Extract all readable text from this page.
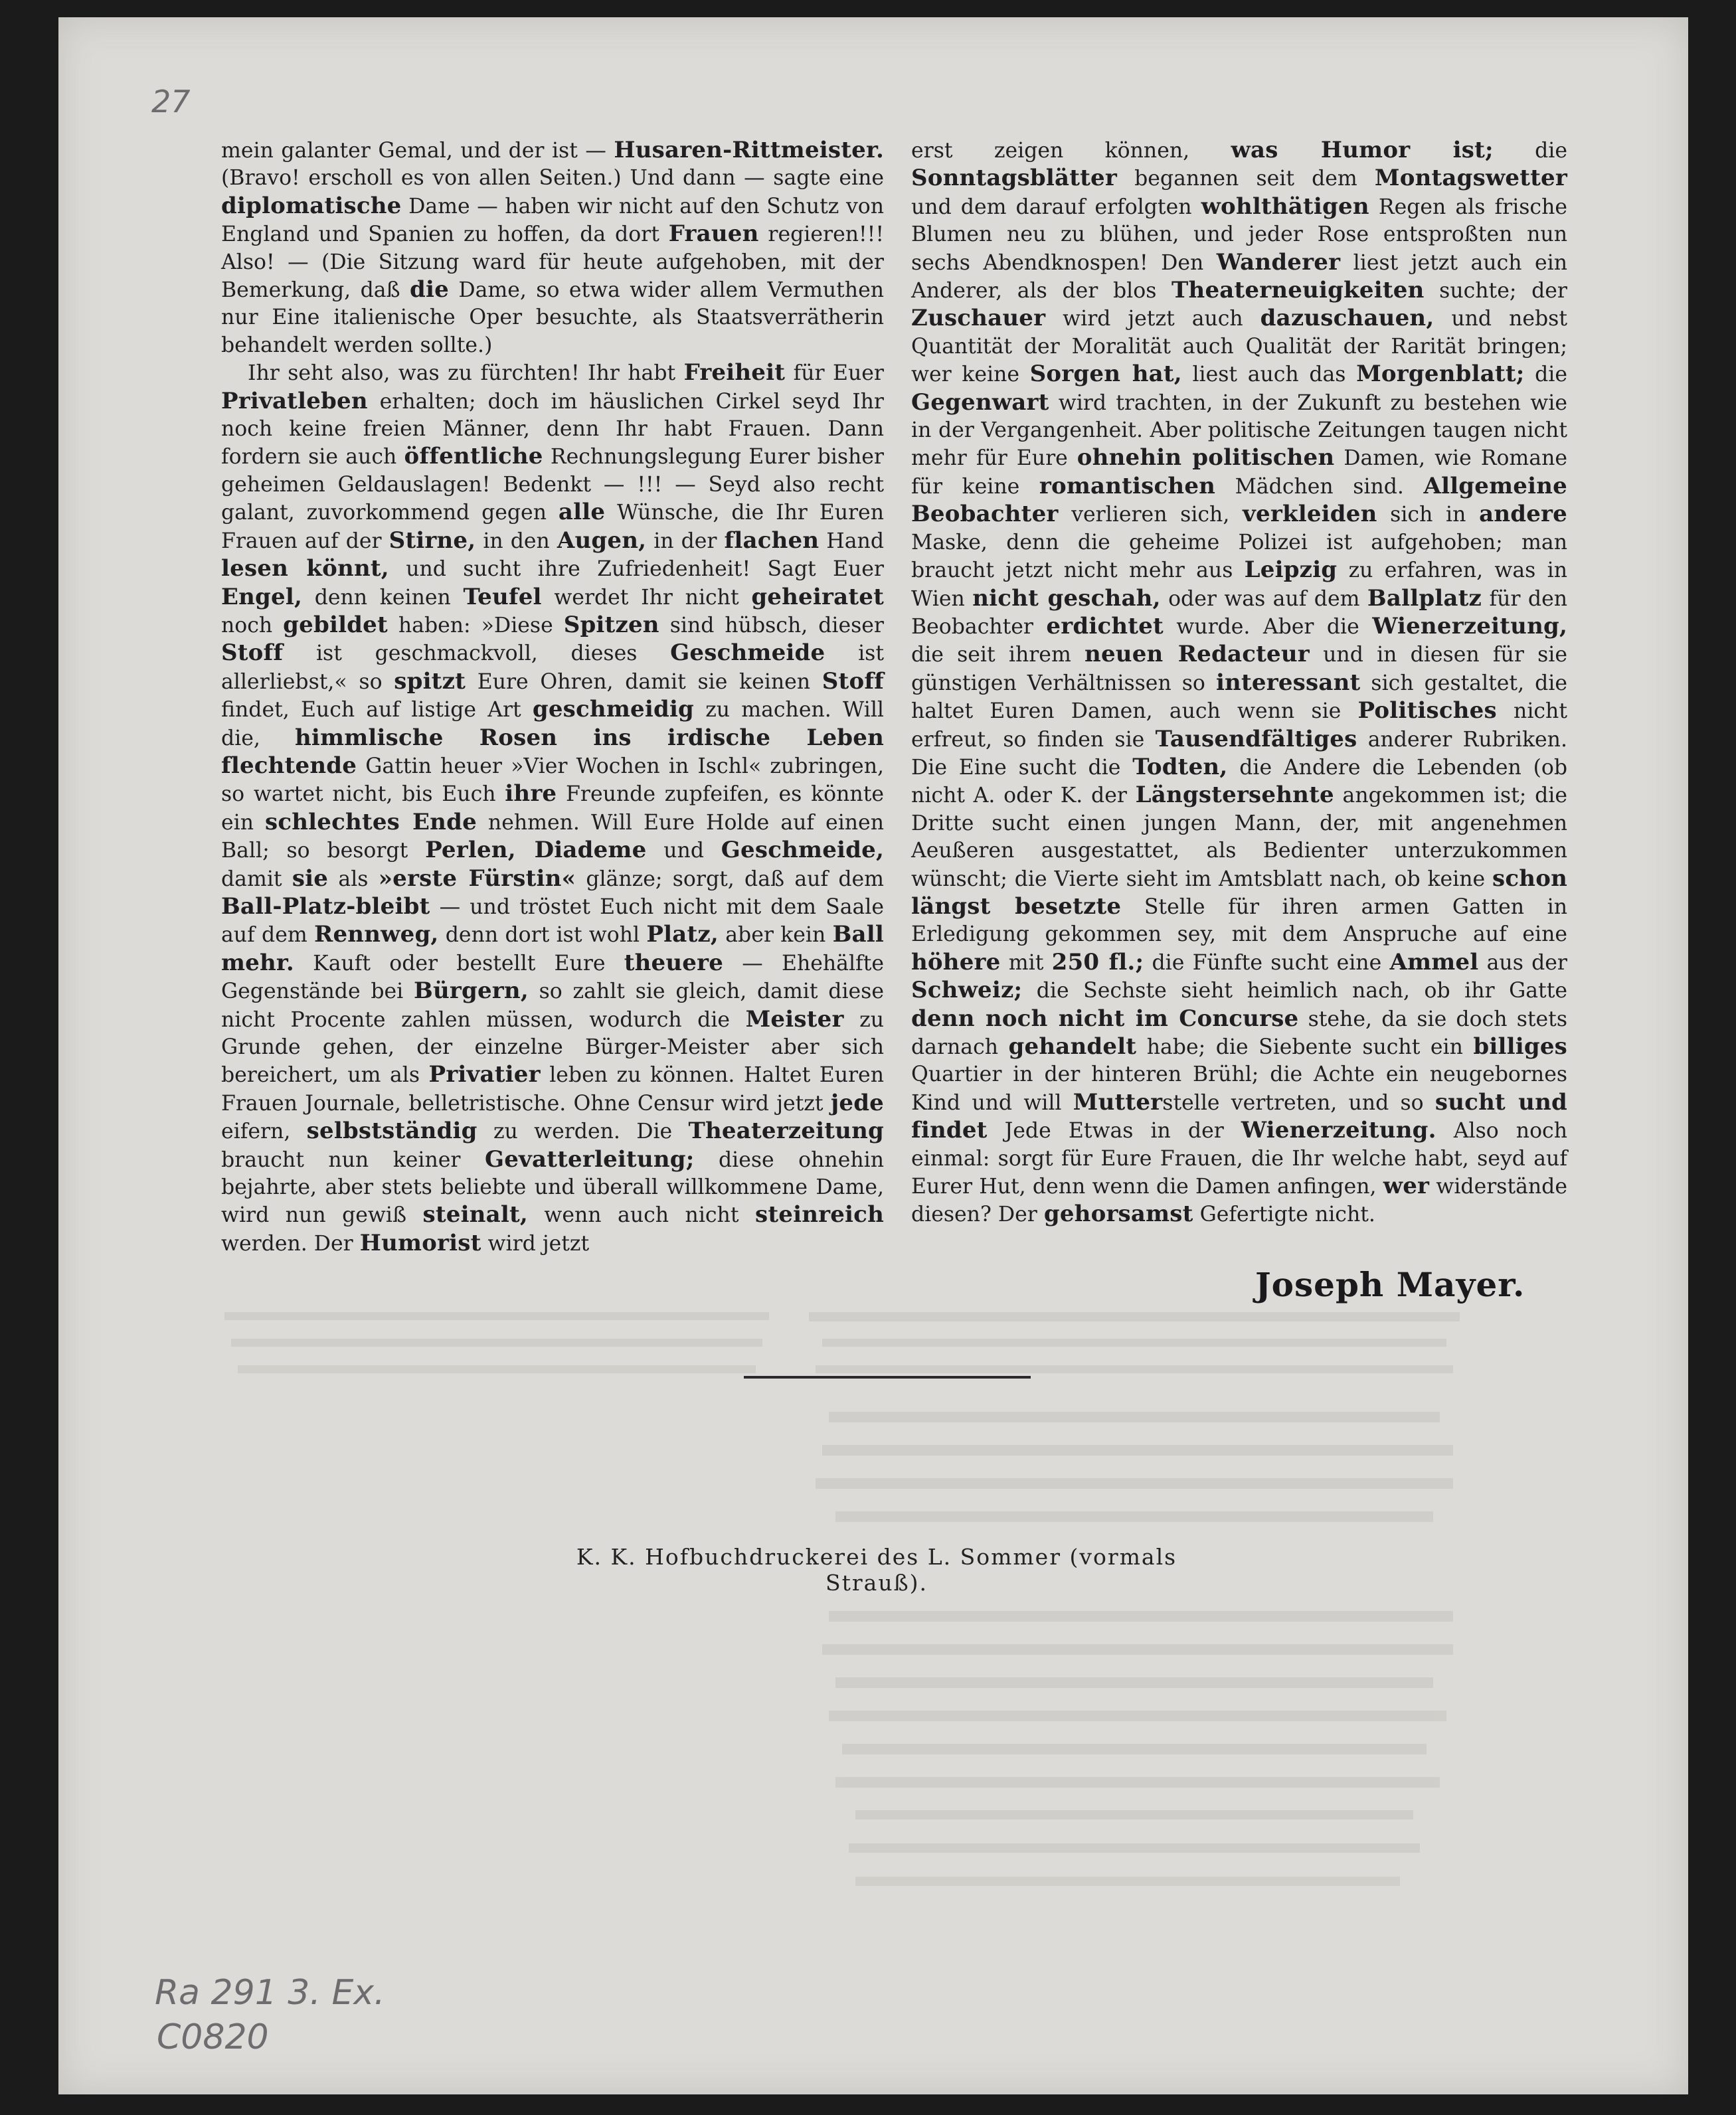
27
Ra 291 3. Ex.
C0820

mein galanter Gemal, und der ist — Husaren-Rittmeister. (Bravo! erscholl es von allen Seiten.) Und dann — sagte eine diplomatische Dame — haben wir nicht auf den Schutz von England und Spanien zu hoffen, da dort Frauen regieren!!! Also! — (Die Sitzung ward für heute aufgehoben, mit der Bemerkung, daß die Dame, so etwa wider allem Vermuthen nur Eine italienische Oper besuchte, als Staatsverrätherin behandelt werden sollte.)

Ihr seht also, was zu fürchten! Ihr habt Freiheit für Euer Privatleben erhalten; doch im häuslichen Cirkel seyd Ihr noch keine freien Männer, denn Ihr habt Frauen. Dann fordern sie auch öffentliche Rechnungslegung Eurer bisher geheimen Geldauslagen! Bedenkt — !!! — Seyd also recht galant, zuvorkommend gegen alle Wünsche, die Ihr Euren Frauen auf der Stirne, in den Augen, in der flachen Hand lesen könnt, und sucht ihre Zufriedenheit! Sagt Euer Engel, denn keinen Teufel werdet Ihr nicht geheiratet noch gebildet haben: »Diese Spitzen sind hübsch, dieser Stoff ist geschmackvoll, dieses Geschmeide ist allerliebst,« so spitzt Eure Ohren, damit sie keinen Stoff findet, Euch auf listige Art geschmeidig zu machen. Will die, himmlische Rosen ins irdische Leben flechtende Gattin heuer »Vier Wochen in Ischl« zubringen, so wartet nicht, bis Euch ihre Freunde zupfeifen, es könnte ein schlechtes Ende nehmen. Will Eure Holde auf einen Ball; so besorgt Perlen, Diademe und Geschmeide, damit sie als »erste Fürstin« glänze; sorgt, daß auf dem Ball-Platz-bleibt — und tröstet Euch nicht mit dem Saale auf dem Rennweg, denn dort ist wohl Platz, aber kein Ball mehr. Kauft oder bestellt Eure theuere — Ehehälfte Gegenstände bei Bürgern, so zahlt sie gleich, damit diese nicht Procente zahlen müssen, wodurch die Meister zu Grunde gehen, der einzelne Bürger-Meister aber sich bereichert, um als Privatier leben zu können. Haltet Euren Frauen Journale, belletristische. Ohne Censur wird jetzt jede eifern, selbstständig zu werden. Die Theaterzeitung braucht nun keiner Gevatterleitung; diese ohnehin bejahrte, aber stets beliebte und überall willkommene Dame, wird nun gewiß steinalt, wenn auch nicht steinreich werden. Der Humorist wird jetzt

erst zeigen können, was Humor ist; die Sonntagsblätter begannen seit dem Montagswetter und dem darauf erfolgten wohlthätigen Regen als frische Blumen neu zu blühen, und jeder Rose entsproßten nun sechs Abendknospen! Den Wanderer liest jetzt auch ein Anderer, als der blos Theaterneuigkeiten suchte; der Zuschauer wird jetzt auch dazuschauen, und nebst Quantität der Moralität auch Qualität der Rarität bringen; wer keine Sorgen hat, liest auch das Morgenblatt; die Gegenwart wird trachten, in der Zukunft zu bestehen wie in der Vergangenheit. Aber politische Zeitungen taugen nicht mehr für Eure ohnehin politischen Damen, wie Romane für keine romantischen Mädchen sind. Allgemeine Beobachter verlieren sich, verkleiden sich in andere Maske, denn die geheime Polizei ist aufgehoben; man braucht jetzt nicht mehr aus Leipzig zu erfahren, was in Wien nicht geschah, oder was auf dem Ballplatz für den Beobachter erdichtet wurde. Aber die Wienerzeitung, die seit ihrem neuen Redacteur und in diesen für sie günstigen Verhältnissen so interessant sich gestaltet, die haltet Euren Damen, auch wenn sie Politisches nicht erfreut, so finden sie Tausendfältiges anderer Rubriken. Die Eine sucht die Todten, die Andere die Lebenden (ob nicht A. oder K. der Längstersehnte angekommen ist; die Dritte sucht einen jungen Mann, der, mit angenehmen Aeußeren ausgestattet, als Bedienter unterzukommen wünscht; die Vierte sieht im Amtsblatt nach, ob keine schon längst besetzte Stelle für ihren armen Gatten in Erledigung gekommen sey, mit dem Anspruche auf eine höhere mit 250 fl.; die Fünfte sucht eine Ammel aus der Schweiz; die Sechste sieht heimlich nach, ob ihr Gatte denn noch nicht im Concurse stehe, da sie doch stets darnach gehandelt habe; die Siebente sucht ein billiges Quartier in der hinteren Brühl; die Achte ein neugebornes Kind und will Mutterstelle vertreten, und so sucht und findet Jede Etwas in der Wienerzeitung. Also noch einmal: sorgt für Eure Frauen, die Ihr welche habt, seyd auf Eurer Hut, denn wenn die Damen anfingen, wer widerstände diesen? Der gehorsamst Gefertigte nicht.

Joseph Mayer.
K. K. Hofbuchdruckerei des L. Sommer (vormals Strauß).
